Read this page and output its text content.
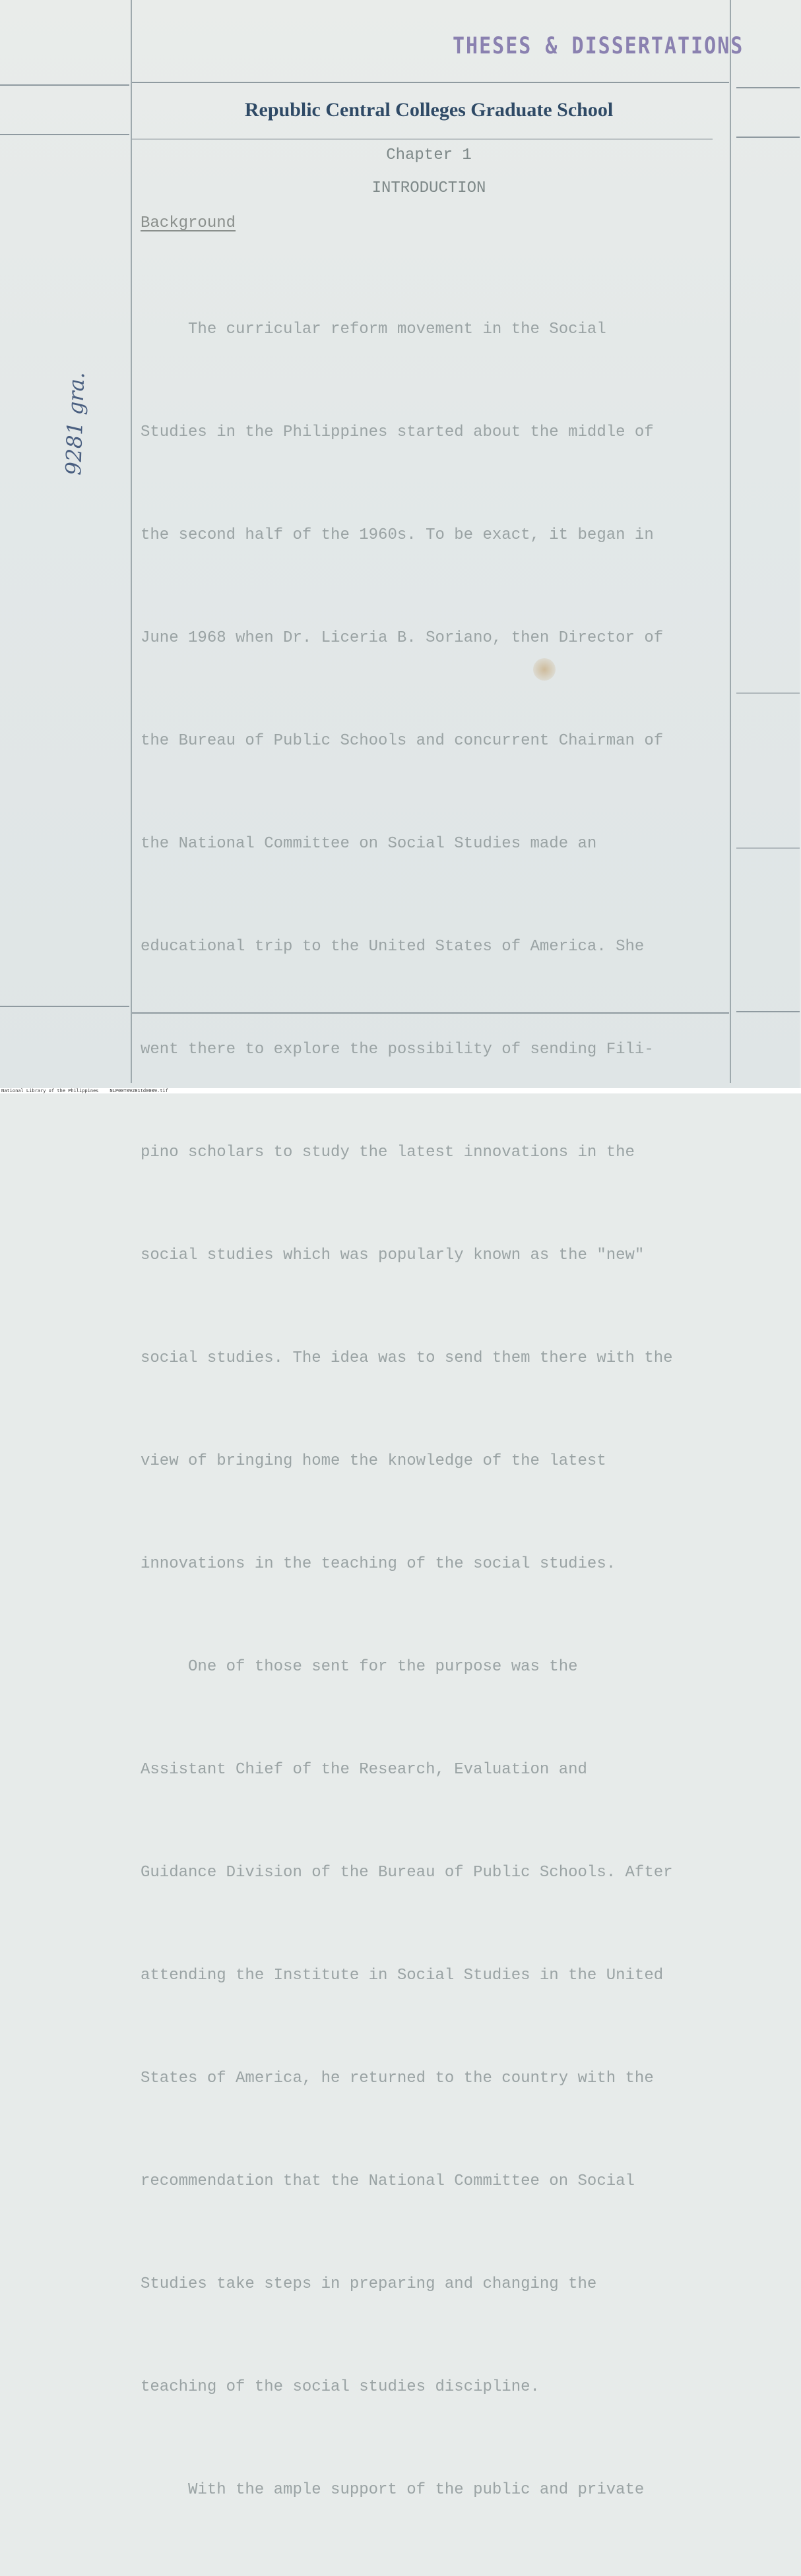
THESES & DISSERTATIONS
Republic Central Colleges Graduate School
Chapter 1
INTRODUCTION
Background

The curricular reform movement in the Social

Studies in the Philippines started about the middle of

the second half of the 1960s. To be exact, it began in

June 1968 when Dr. Liceria B. Soriano, then Director of

the Bureau of Public Schools and concurrent Chairman of

the National Committee on Social Studies made an

educational trip to the United States of America. She

went there to explore the possibility of sending Fili-

pino scholars to study the latest innovations in the

social studies which was popularly known as the "new"

social studies. The idea was to send them there with the

view of bringing home the knowledge of the latest

innovations in the teaching of the social studies.

One of those sent for the purpose was the

Assistant Chief of the Research, Evaluation and

Guidance Division of the Bureau of Public Schools. After

attending the Institute in Social Studies in the United

States of America, he returned to the country with the

recommendation that the National Committee on Social

Studies take steps in preparing and changing the

teaching of the social studies discipline.

With the ample support of the public and private

9281 gra.
National Library of the Philippines    NLP00T09281td0009.tif
